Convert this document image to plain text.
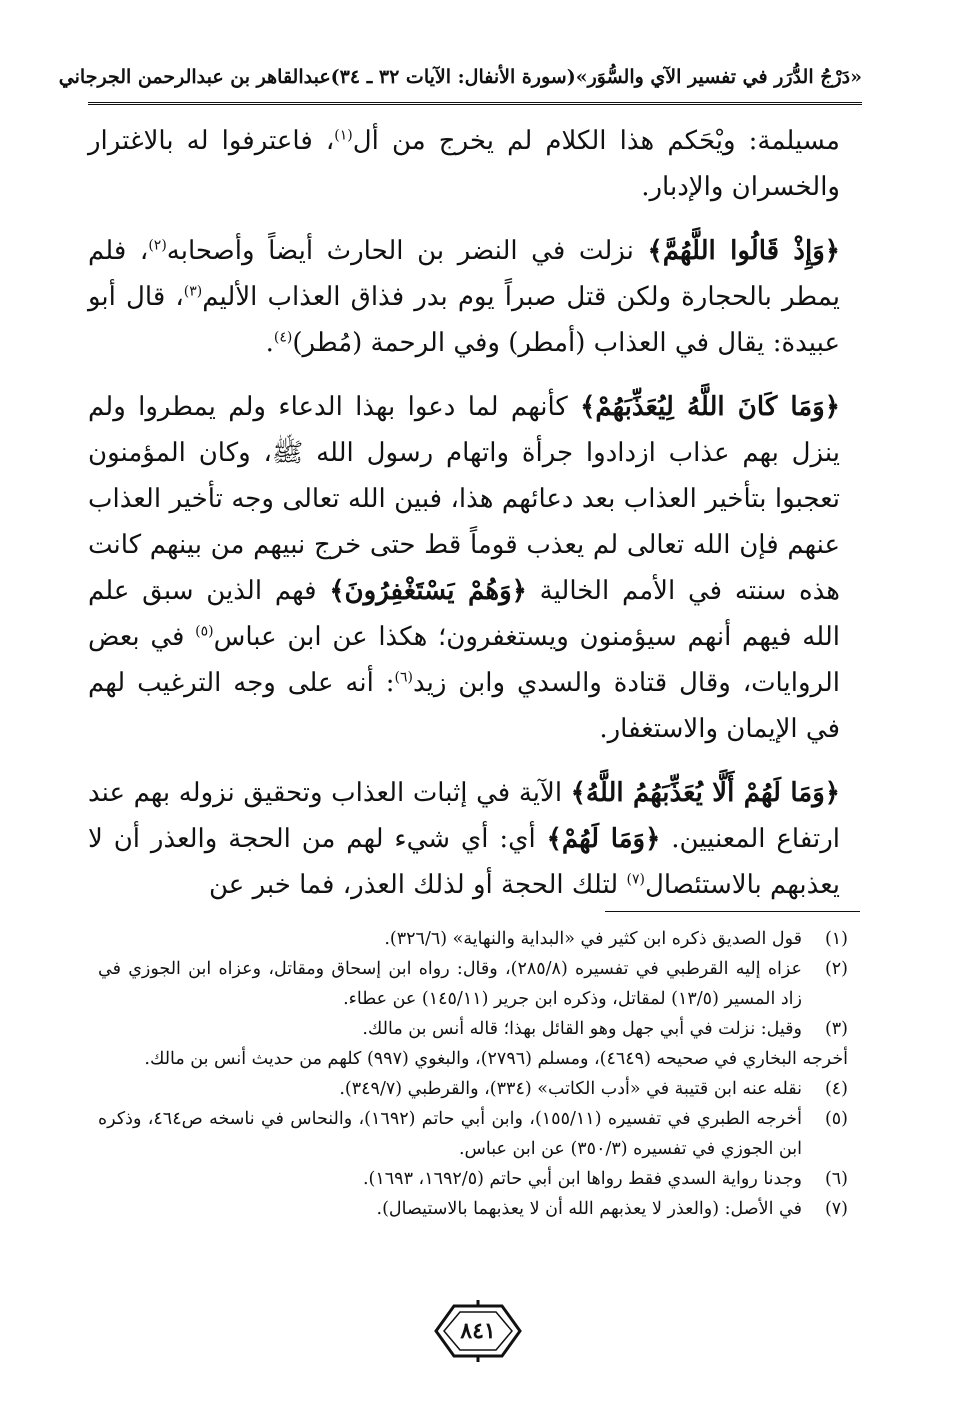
«دَرْجُ الدُّرَر في تفسير الآي والسُّوَر»
(سورة الأنفال: الآيات ٣٢ ـ ٣٤)
عبدالقاهر بن عبدالرحمن الجرجاني

مسيلمة: ويْحَكم هذا الكلام لم يخرج من أل$^{(١)}$، فاعترفوا له بالاغترار والخسران والإدبار.

﴿وَإِذْ قَالُوا اللَّهُمَّ﴾ نزلت في النضر بن الحارث أيضاً وأصحابه$^{(٢)}$، فلم يمطر بالحجارة ولكن قتل صبراً يوم بدر فذاق العذاب الأليم$^{(٣)}$، قال أبو عبيدة: يقال في العذاب (أمطر) وفي الرحمة (مُطر)$^{(٤)}$.

﴿وَمَا كَانَ اللَّهُ لِيُعَذِّبَهُمْ﴾ كأنهم لما دعوا بهذا الدعاء ولم يمطروا ولم ينزل بهم عذاب ازدادوا جرأة واتهام رسول الله ﷺ، وكان المؤمنون تعجبوا بتأخير العذاب بعد دعائهم هذا، فبين الله تعالى وجه تأخير العذاب عنهم فإن الله تعالى لم يعذب قوماً قط حتى خرج نبيهم من بينهم كانت هذه سنته في الأمم الخالية ﴿وَهُمْ يَسْتَغْفِرُونَ﴾ فهم الذين سبق علم الله فيهم أنهم سيؤمنون ويستغفرون؛ هكذا عن ابن عباس$^{(٥)}$ في بعض الروايات، وقال قتادة والسدي وابن زيد$^{(٦)}$: أنه على وجه الترغيب لهم في الإيمان والاستغفار.

﴿وَمَا لَهُمْ أَلَّا يُعَذِّبَهُمُ اللَّهُ﴾ الآية في إثبات العذاب وتحقيق نزوله بهم عند ارتفاع المعنيين. ﴿وَمَا لَهُمْ﴾ أي: أي شيء لهم من الحجة والعذر أن لا يعذبهم بالاستئصال$^{(٧)}$ لتلك الحجة أو لذلك العذر، فما خبر عن

(١)
قول الصديق ذكره ابن كثير في «البداية والنهاية» (٣٢٦/٦).
(٢)
عزاه إليه القرطبي في تفسيره (٢٨٥/٨)، وقال: رواه ابن إسحاق ومقاتل، وعزاه ابن الجوزي في زاد المسير (١٣/٥) لمقاتل، وذكره ابن جرير (١٤٥/١١) عن عطاء.
(٣)
وقيل: نزلت في أبي جهل وهو القائل بهذا؛ قاله أنس بن مالك.
أخرجه البخاري في صحيحه (٤٦٤٩)، ومسلم (٢٧٩٦)، والبغوي (٩٩٧) كلهم من حديث أنس بن مالك.
(٤)
نقله عنه ابن قتيبة في «أدب الكاتب» (٣٣٤)، والقرطبي (٣٤٩/٧).
(٥)
أخرجه الطبري في تفسيره (١٥٥/١١)، وابن أبي حاتم (١٦٩٢)، والنحاس في ناسخه ص٤٦٤، وذكره ابن الجوزي في تفسيره (٣٥٠/٣) عن ابن عباس.
(٦)
وجدنا رواية السدي فقط رواها ابن أبي حاتم (١٦٩٢/٥، ١٦٩٣).
(٧)
في الأصل: (والعذر لا يعذبهم الله أن لا يعذبهما بالاستيصال).
٨٤١
